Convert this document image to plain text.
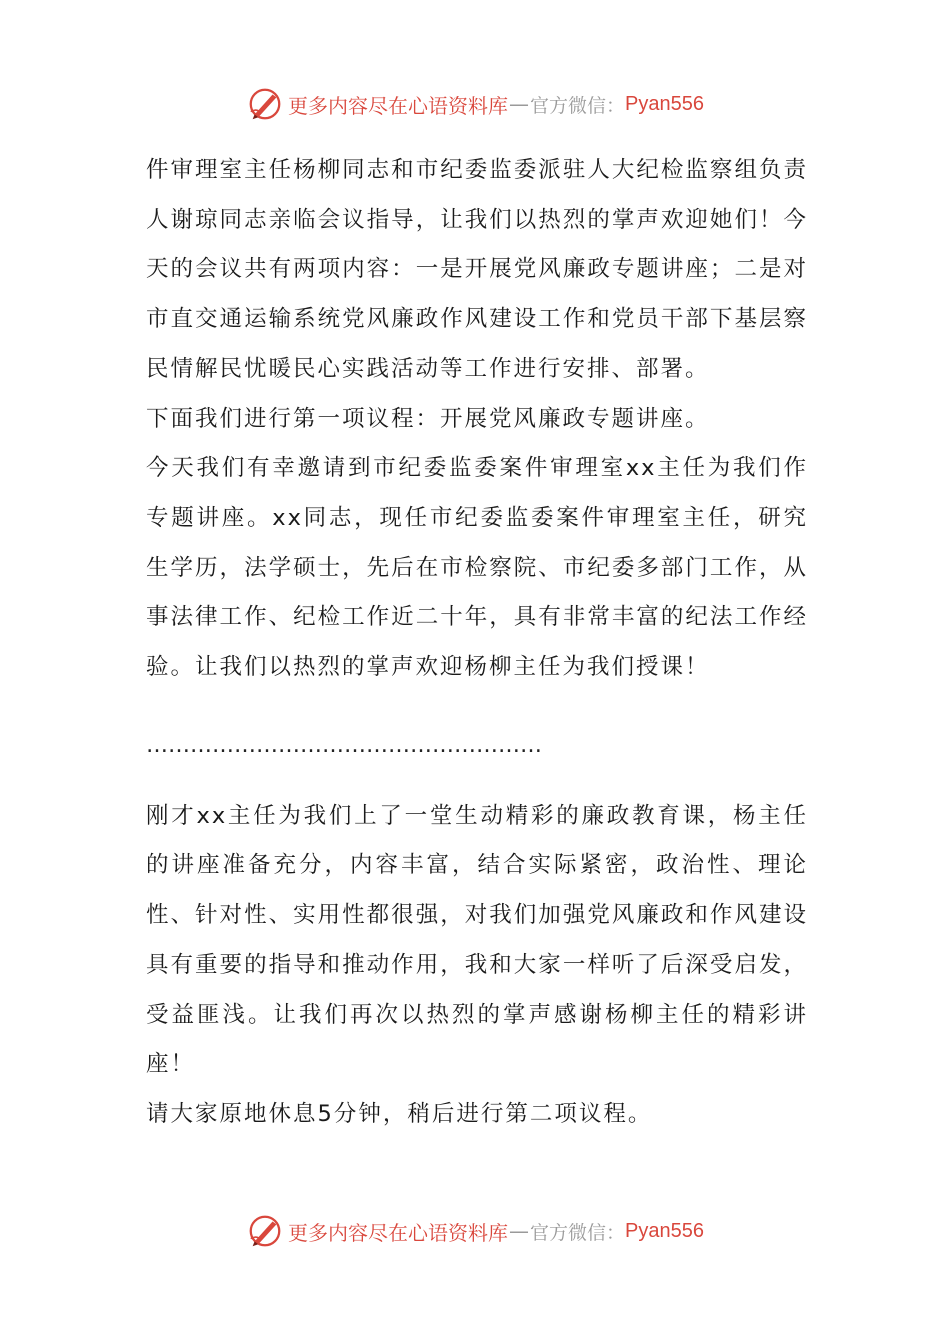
更多内容尽在心语资料库 — 官方微信： Pyan556

件审理室主任杨柳同志和市纪委监委派驻人大纪检监察组负责人谢琼同志亲临会议指导，让我们以热烈的掌声欢迎她们！今天的会议共有两项内容：一是开展党风廉政专题讲座；二是对市直交通运输系统党风廉政作风建设工作和党员干部下基层察民情解民忧暖民心实践活动等工作进行安排、部署。

下面我们进行第一项议程：开展党风廉政专题讲座。

今天我们有幸邀请到市纪委监委案件审理室xx主任为我们作专题讲座。xx同志，现任市纪委监委案件审理室主任，研究生学历，法学硕士，先后在市检察院、市纪委多部门工作，从事法律工作、纪检工作近二十年，具有非常丰富的纪法工作经验。让我们以热烈的掌声欢迎杨柳主任为我们授课！

………………………………………………

刚才xx主任为我们上了一堂生动精彩的廉政教育课，杨主任的讲座准备充分，内容丰富，结合实际紧密，政治性、理论性、针对性、实用性都很强，对我们加强党风廉政和作风建设具有重要的指导和推动作用，我和大家一样听了后深受启发，受益匪浅。让我们再次以热烈的掌声感谢杨柳主任的精彩讲座！

请大家原地休息5分钟，稍后进行第二项议程。

更多内容尽在心语资料库 — 官方微信： Pyan556
